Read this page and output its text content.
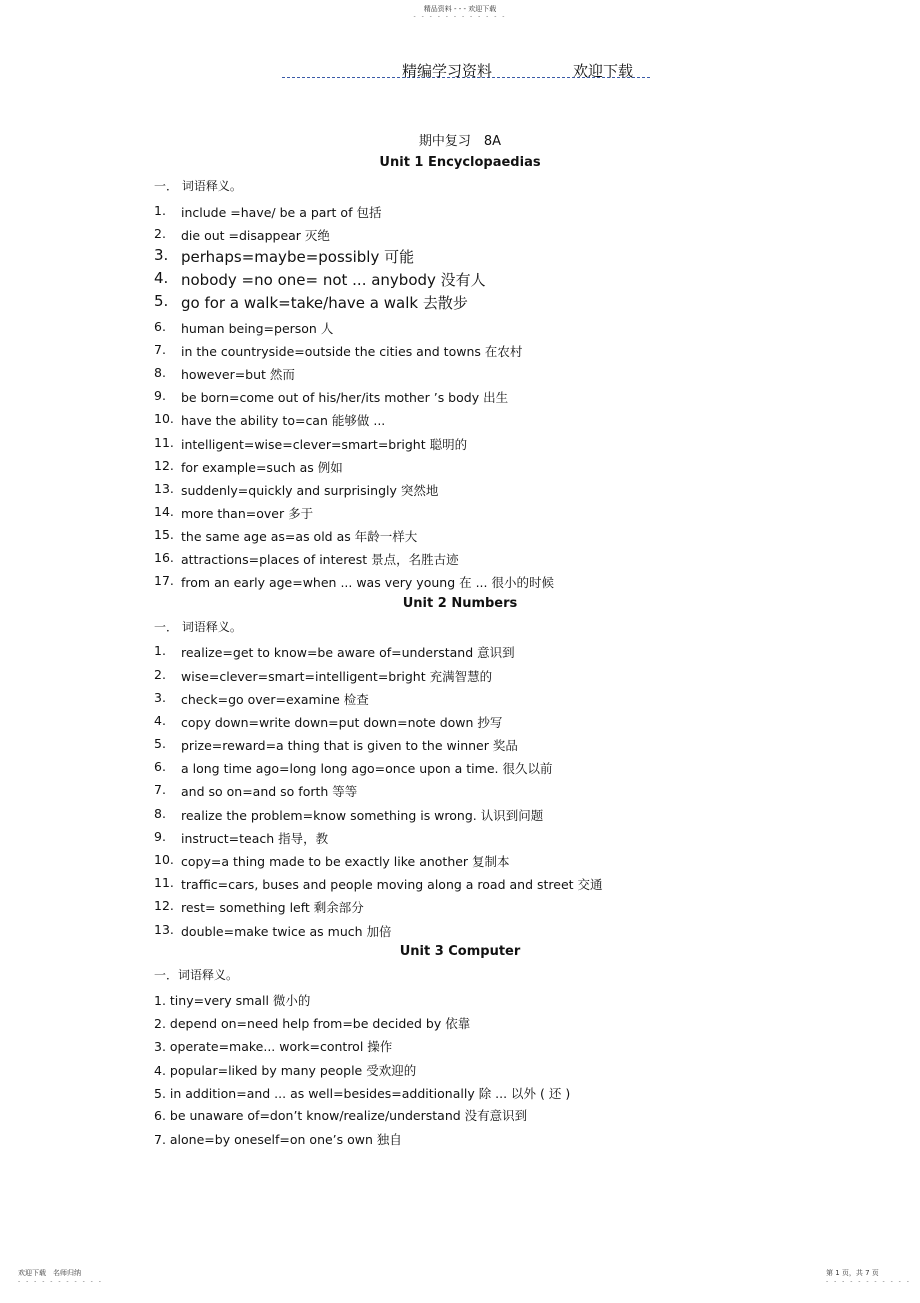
精品资料 - - - 欢迎下载
- - - - - - - - - - - -
精编学习资料	欢迎下载
期中复习　8A
Unit 1 Encyclopaedias
一． 词语释义。
1. include =have/ be a part of 包括
2. die out =disappear 灭绝
3. perhaps=maybe=possibly 可能
4. nobody =no one= not ... anybody 没有人
5. go for a walk=take/have a walk 去散步
6. human being=person 人
7. in the countryside=outside the cities and towns 在农村
8. however=but 然而
9. be born=come out of his/her/its mother ’s body 出生
10. have the ability to=can 能够做 ...
11. intelligent=wise=clever=smart=bright 聪明的
12. for example=such as 例如
13. suddenly=quickly and surprisingly 突然地
14. more than=over 多于
15. the same age as=as old as 年龄一样大
16. attractions=places of interest 景点，名胜古迹
17. from an early age=when ... was very young 在 ... 很小的时候
Unit 2 Numbers
一． 词语释义。
1. realize=get to know=be aware of=understand 意识到
2. wise=clever=smart=intelligent=bright 充满智慧的
3. check=go over=examine 检查
4. copy down=write down=put down=note down 抄写
5. prize=reward=a thing that is given to the winner 奖品
6. a long time ago=long long ago=once upon a time. 很久以前
7. and so on=and so forth 等等
8. realize the problem=know something is wrong. 认识到问题
9. instruct=teach 指导，教
10. copy=a thing made to be exactly like another 复制本
11. traffic=cars, buses and people moving along a road and street 交通
12. rest= something left 剩余部分
13. double=make twice as much 加倍
Unit 3 Computer
一．词语释义。
1. tiny=very small 微小的
2. depend on=need help from=be decided by 依靠
3. operate=make... work=control 操作
4. popular=liked by many people 受欢迎的
5. in addition=and ... as well=besides=additionally 除 ... 以外 ( 还 )
6. be unaware of=don’t know/realize/understand 没有意识到
7. alone=by oneself=on one’s own 独自
欢迎下载　名师归纳
- - - - - - - - - - -
第 1 页，共 7 页
- - - - - - - - - - -
